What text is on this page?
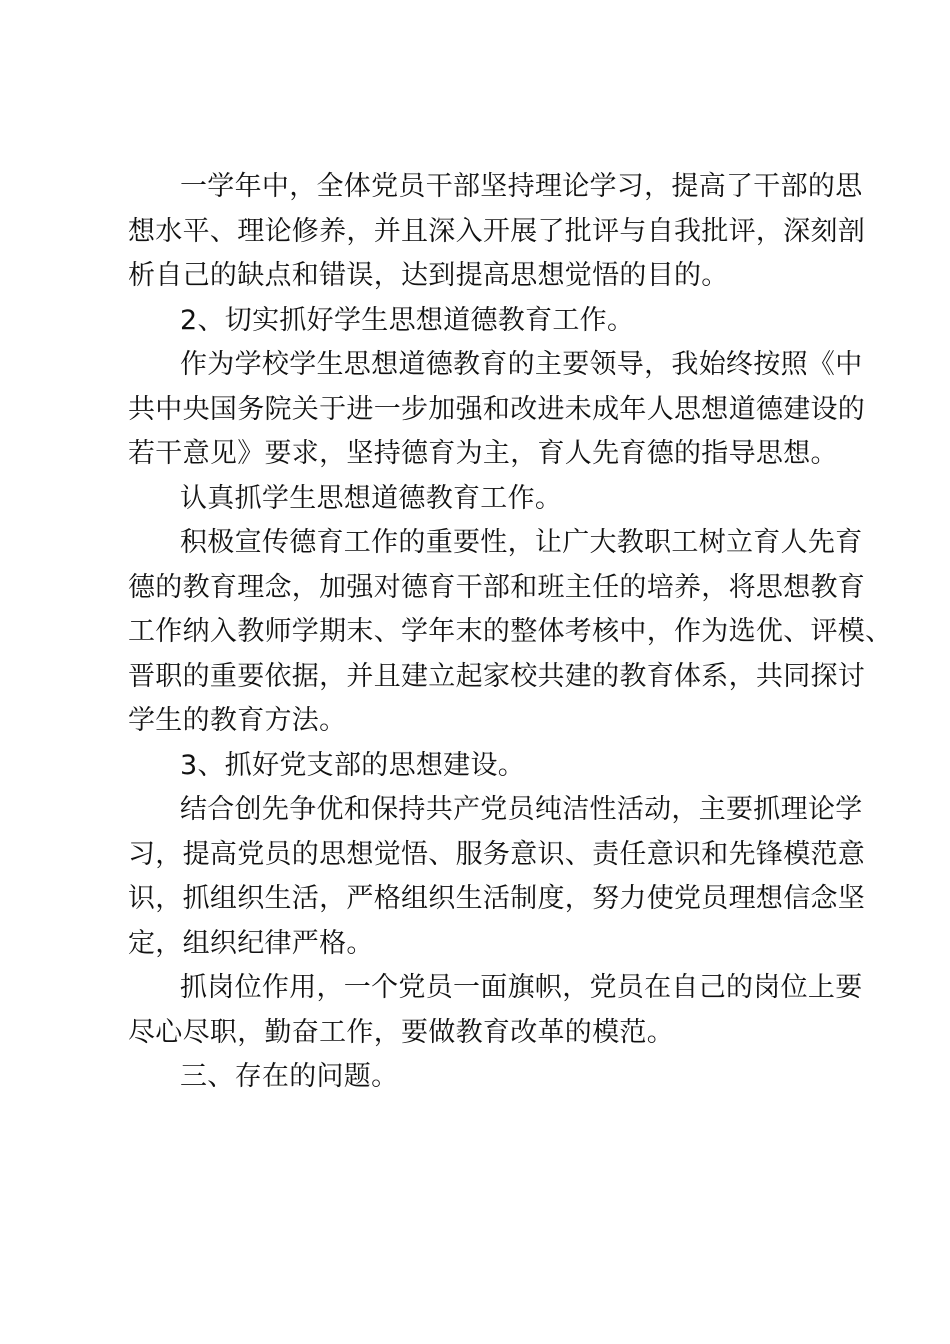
一学年中，全体党员干部坚持理论学习，提高了干部的思
想水平、理论修养，并且深入开展了批评与自我批评，深刻剖
析自己的缺点和错误，达到提高思想觉悟的目的。
2、切实抓好学生思想道德教育工作。
作为学校学生思想道德教育的主要领导，我始终按照《中
共中央国务院关于进一步加强和改进未成年人思想道德建设的
若干意见》要求，坚持德育为主，育人先育德的指导思想。
认真抓学生思想道德教育工作。
积极宣传德育工作的重要性，让广大教职工树立育人先育
德的教育理念，加强对德育干部和班主任的培养，将思想教育
工作纳入教师学期末、学年末的整体考核中，作为选优、评模、
晋职的重要依据，并且建立起家校共建的教育体系，共同探讨
学生的教育方法。
3、抓好党支部的思想建设。
结合创先争优和保持共产党员纯洁性活动，主要抓理论学
习，提高党员的思想觉悟、服务意识、责任意识和先锋模范意
识，抓组织生活，严格组织生活制度，努力使党员理想信念坚
定，组织纪律严格。
抓岗位作用，一个党员一面旗帜，党员在自己的岗位上要
尽心尽职，勤奋工作，要做教育改革的模范。
三、存在的问题。
